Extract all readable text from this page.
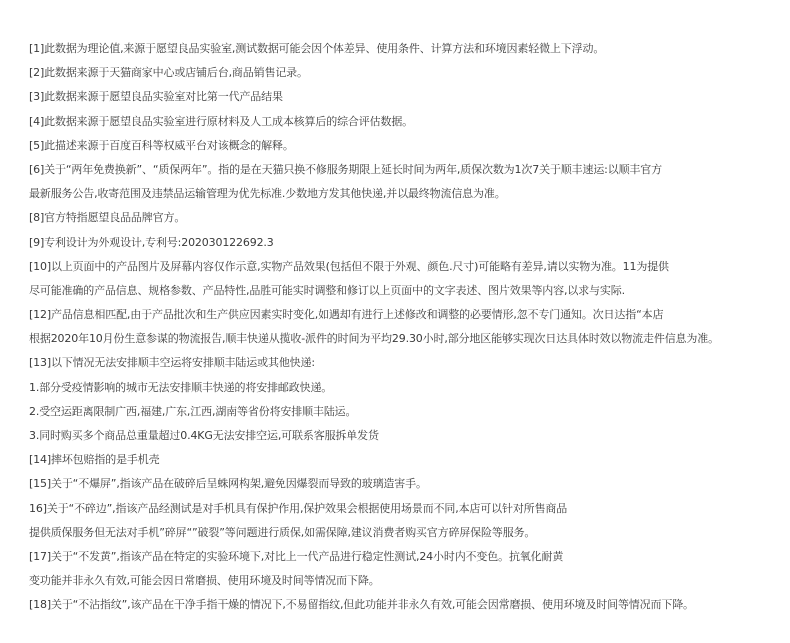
[1]此数据为理论值,来源于愿望良品实验室,测试数据可能会因个体差异、使用条件、计算方法和环境因素轻微上下浮动。
[2]此数据来源于天猫商家中心或店铺后台,商品销售记录。
[3]此数据来源于愿望良品实验室对比第一代产品结果
[4]此数据来源于愿望良品实验室进行原材料及人工成本核算后的综合评估数据。
[5]此描述来源于百度百科等权威平台对该概念的解释。
[6]关于“两年免费换新”、“质保两年”。指的是在天猫只换不修服务期限上延长时间为两年,质保次数为1次7关于顺丰速运:以顺丰官方
最新服务公告,收寄范围及违禁品运输管理为优先标准.少数地方发其他快递,并以最终物流信息为准。
[8]官方特指愿望良品品牌官方。
[9]专利设计为外观设计,专利号:202030122692.3
[10]以上页面中的产品图片及屏幕内容仅作示意,实物产品效果(包括但不限于外观、颜色.尺寸)可能略有差异,请以实物为准。11为提供
尽可能准确的产品信息、规格参数、产品特性,品胜可能实时调整和修订以上页面中的文字表述、图片效果等内容,以求与实际.
[12]产品信息相匹配,由于产品批次和生产供应因素实时变化,如遇却有进行上述修改和调整的必要情形,忽不专门通知。次日达指“本店
根据2020年10月份生意参谋的物流报告,顺丰快递从揽收-派件的时间为平均29.30小时,部分地区能够实现次日达具体时效以物流走件信息为准。
[13]以下情况无法安排顺丰空运将安排顺丰陆运或其他快递:
1.部分受疫情影响的城市无法安排顺丰快递的将安排邮政快递。
2.受空运距离限制广西,福建,广东,江西,湖南等省份将安排顺丰陆运。
3.同时购买多个商品总重量超过0.4KG无法安排空运,可联系客服拆单发货
[14]摔坏包赔指的是手机壳
[15]关于“不爆屏”,指该产品在破碎后呈蛛网构架,避免因爆裂而导致的玻璃造害手。
16]关于“不碎边”,指该产品经测试是对手机具有保护作用,保护效果会根据使用场景而不同,本店可以针对所售商品
提供质保服务但无法对手机”碎屏“”破裂”等问题进行质保,如需保障,建议消费者购买官方碎屏保险等服务。
[17]关于“不发黄”,指该产品在特定的实验环境下,对比上一代产品进行稳定性测试,24小时内不变色。抗氧化耐黄
变功能并非永久有效,可能会因日常磨损、使用环境及时间等情况而下降。
[18]关于“不沾指纹”,该产品在干净手指干燥的情况下,不易留指纹,但此功能并非永久有效,可能会因常磨损、使用环境及时间等情况而下降。
